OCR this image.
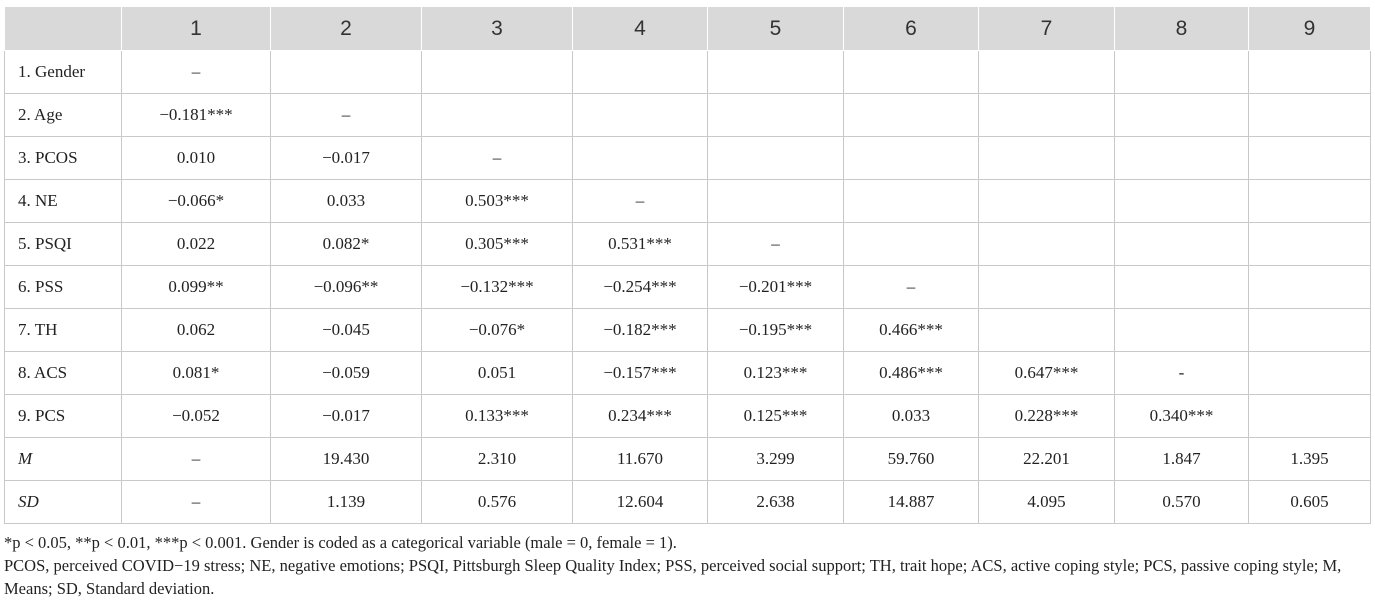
	1	2	3	4	5	6	7	8	9
1. Gender	–								
2. Age	−0.181***	–							
3. PCOS	0.010	−0.017	–						
4. NE	−0.066*	0.033	0.503***	–					
5. PSQI	0.022	0.082*	0.305***	0.531***	–				
6. PSS	0.099**	−0.096**	−0.132***	−0.254***	−0.201***	–			
7. TH	0.062	−0.045	−0.076*	−0.182***	−0.195***	0.466***			
8. ACS	0.081*	−0.059	0.051	−0.157***	0.123***	0.486***	0.647***	-	
9. PCS	−0.052	−0.017	0.133***	0.234***	0.125***	0.033	0.228***	0.340***	
M	–	19.430	2.310	11.670	3.299	59.760	22.201	1.847	1.395
SD	–	1.139	0.576	12.604	2.638	14.887	4.095	0.570	0.605

*p < 0.05, **p < 0.01, ***p < 0.001. Gender is coded as a categorical variable (male = 0, female = 1).

PCOS, perceived COVID−19 stress; NE, negative emotions; PSQI, Pittsburgh Sleep Quality Index; PSS, perceived social support; TH, trait hope; ACS, active coping style; PCS, passive coping style; M, Means; SD, Standard deviation.
